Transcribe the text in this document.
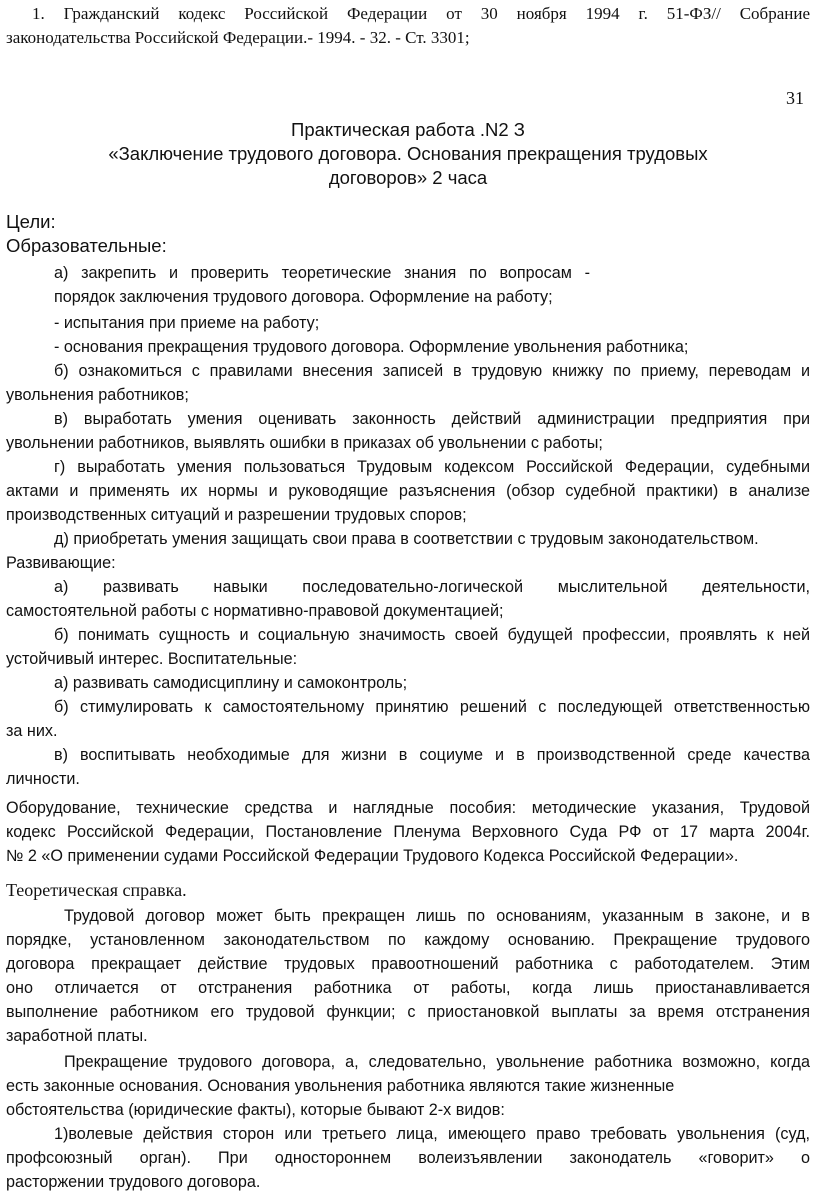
1. Гражданский кодекс Российской Федерации от 30 ноября 1994 г. 51-ФЗ// Собрание

законодательства Российской Федерации.- 1994. - 32. - Ст. 3301;

31

Практическая работа .N2 З

«Заключение трудового договора. Основания прекращения трудовых

договоров» 2 часа

Цели:

Образовательные:

а) закрепить и проверить теоретические знания по вопросам -

порядок заключения трудового договора. Оформление на работу;

- испытания при приеме на работу;

- основания прекращения трудового договора. Оформление увольнения работника;

б) ознакомиться с правилами внесения записей в трудовую книжку по приему, переводам и

увольнения работников;

в) выработать умения оценивать законность действий администрации предприятия при

увольнении работников, выявлять ошибки в приказах об увольнении с работы;

г) выработать умения пользоваться Трудовым кодексом Российской Федерации, судебными

актами и применять их нормы и руководящие разъяснения (обзор судебной практики) в анализе

производственных ситуаций и разрешении трудовых споров;

д) приобретать умения защищать свои права в соответствии с трудовым законодательством.

Развивающие:

а) развивать навыки последовательно-логической мыслительной деятельности,

самостоятельной работы с нормативно-правовой документацией;

б) понимать сущность и социальную значимость своей будущей профессии, проявлять к ней

устойчивый интерес. Воспитательные:

а) развивать самодисциплину и самоконтроль;

б) стимулировать к самостоятельному принятию решений с последующей ответственностью

за них.

в) воспитывать необходимые для жизни в социуме и в производственной среде качества

личности.

Оборудование, технические средства и наглядные пособия: методические указания, Трудовой

кодекс Российской Федерации, Постановление Пленума Верховного Суда РФ от 17 марта 2004г.

№ 2 «О применении судами Российской Федерации Трудового Кодекса Российской Федерации».

Теоретическая справка.

Трудовой договор может быть прекращен лишь по основаниям, указанным в законе, и в

порядке, установленном законодательством по каждому основанию. Прекращение трудового

договора прекращает действие трудовых правоотношений работника с работодателем. Этим

оно отличается от отстранения работника от работы, когда лишь приостанавливается

выполнение работником его трудовой функции; с приостановкой выплаты за время отстранения

заработной платы.

Прекращение трудового договора, а, следовательно, увольнение работника возможно, когда

есть законные основания. Основания увольнения работника являются такие жизненные

обстоятельства (юридические факты), которые бывают 2-х видов:

1)волевые действия сторон или третьего лица, имеющего право требовать увольнения (суд,

профсоюзный орган). При одностороннем волеизъявлении законодатель «говорит» о

расторжении трудового договора.
